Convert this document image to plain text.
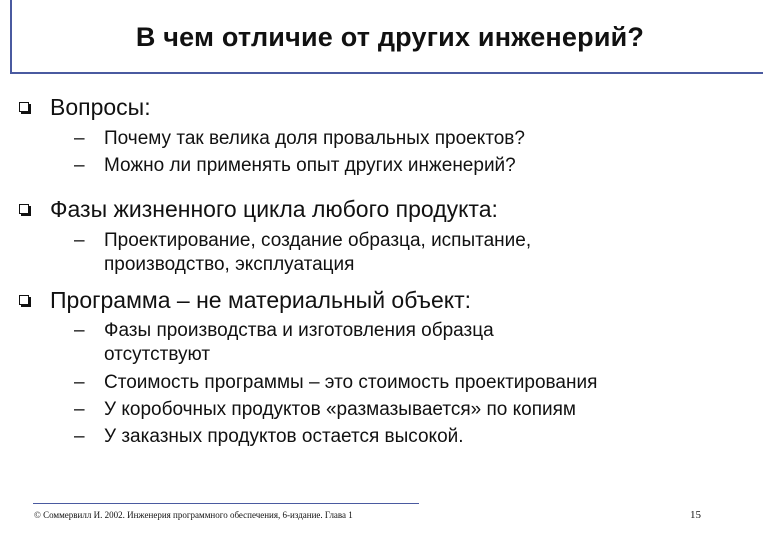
В чем отличие от других инженерий?
Вопросы:
–	Почему так велика доля провальных проектов?
–	Можно ли применять опыт других инженерий?
Фазы жизненного цикла любого продукта:
–	Проектирование, создание образца, испытание,
производство, эксплуатация
Программа – не материальный объект:
–	Фазы производства и изготовления образца
отсутствуют
–	Стоимость программы – это стоимость проектирования
–	У коробочных продуктов «размазывается» по копиям
–	У заказных продуктов остается высокой.
© Соммервилл И. 2002. Инженерия программного обеспечения, 6-издание. Глава 1	15
